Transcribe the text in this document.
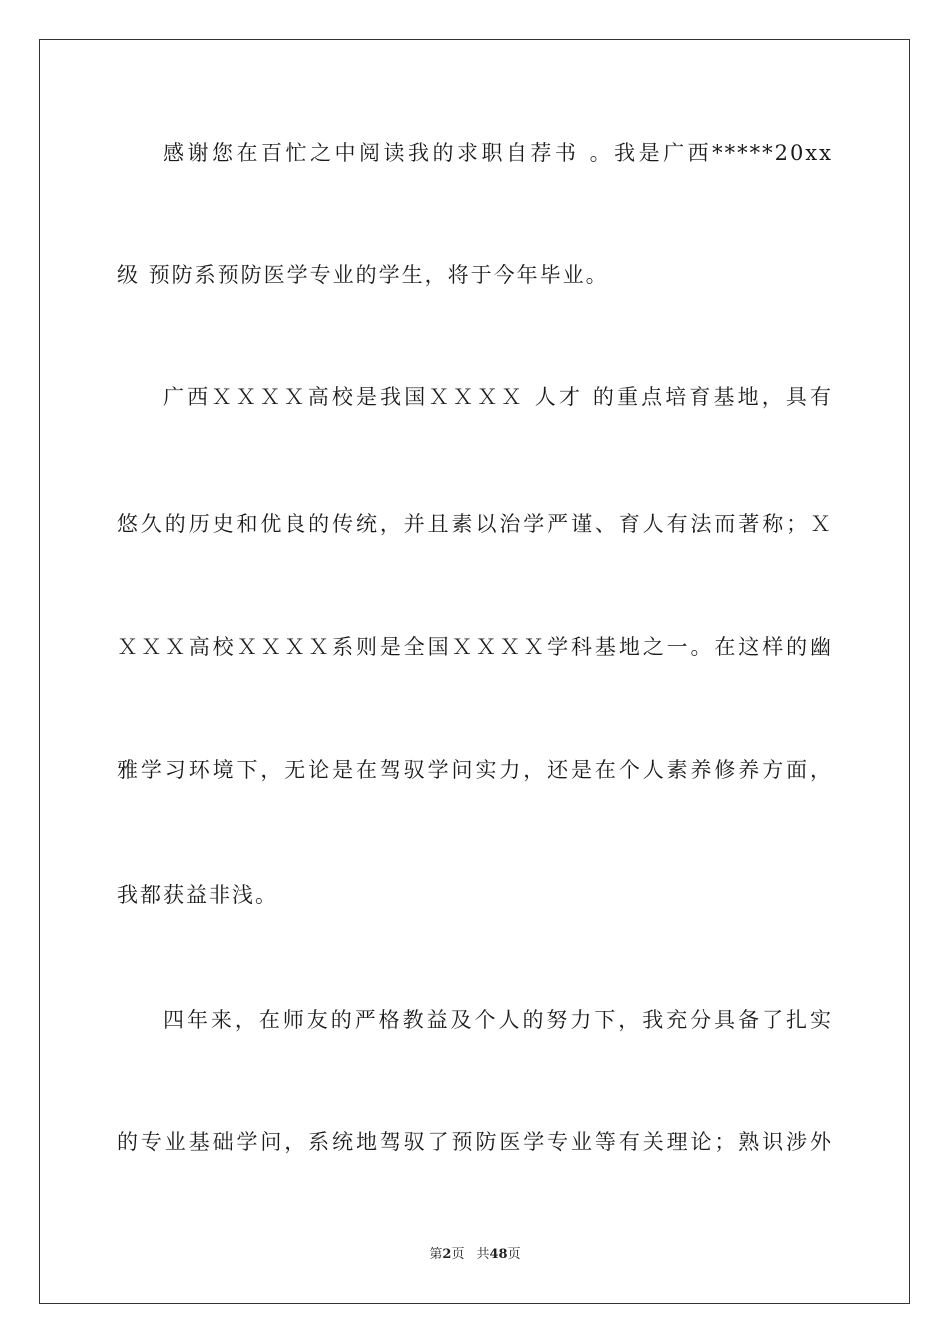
感谢您在百忙之中阅读我的求职自荐书 。我是广西*****20xx
级 预防系预防医学专业的学生，将于今年毕业。
广西ＸＸＸＸ高校是我国ＸＸＸＸ 人才 的重点培育基地，具有
悠久的历史和优良的传统，并且素以治学严谨、育人有法而著称；Ｘ
ＸＸＸ高校ＸＸＸＸ系则是全国ＸＸＸＸ学科基地之一。在这样的幽
雅学习环境下，无论是在驾驭学问实力，还是在个人素养修养方面，
我都获益非浅。
四年来，在师友的严格教益及个人的努力下，我充分具备了扎实
的专业基础学问，系统地驾驭了预防医学专业等有关理论；熟识涉外
第2页 共48页
